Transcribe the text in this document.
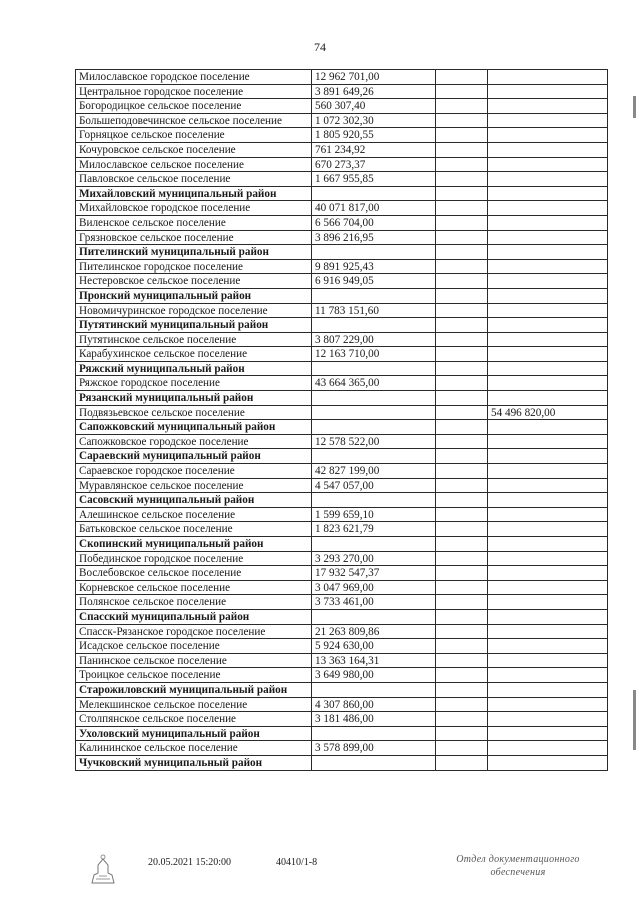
74
Милославское городское поселение	12 962 701,00		
Центральное городское поселение	3 891 649,26		
Богородицкое сельское поселение	560 307,40		
Большеподовечинское сельское поселение	1 072 302,30		
Горняцкое сельское поселение	1 805 920,55		
Кочуровское сельское поселение	761 234,92		
Милославское сельское поселение	670 273,37		
Павловское сельское поселение	1 667 955,85		
Михайловский муниципальный район			
Михайловское городское поселение	40 071 817,00		
Виленское сельское поселение	6 566 704,00		
Грязновское сельское поселение	3 896 216,95		
Пителинский муниципальный район			
Пителинское городское поселение	9 891 925,43		
Нестеровское сельское поселение	6 916 949,05		
Пронский муниципальный район			
Новомичуринское городское поселение	11 783 151,60		
Путятинский муниципальный район			
Путятинское сельское поселение	3 807 229,00		
Карабухинское сельское поселение	12 163 710,00		
Ряжский муниципальный район			
Ряжское городское поселение	43 664 365,00		
Рязанский муниципальный район			
Подвязьевское сельское поселение			54 496 820,00
Сапожковский муниципальный район			
Сапожковское городское поселение	12 578 522,00		
Сараевский муниципальный район			
Сараевское городское поселение	42 827 199,00		
Муравлянское сельское поселение	4 547 057,00		
Сасовский муниципальный район			
Алешинское сельское поселение	1 599 659,10		
Батьковское сельское поселение	1 823 621,79		
Скопинский муниципальный район			
Побединское городское поселение	3 293 270,00		
Вослебовское сельское поселение	17 932 547,37		
Корневское сельское поселение	3 047 969,00		
Полянское сельское поселение	3 733 461,00		
Спасский муниципальный район			
Спасск-Рязанское городское поселение	21 263 809,86		
Исадское сельское поселение	5 924 630,00		
Панинское сельское поселение	13 363 164,31		
Троицкое сельское поселение	3 649 980,00		
Старожиловский муниципальный район			
Мелекшинское сельское поселение	4 307 860,00		
Столпянское сельское поселение	3 181 486,00		
Ухоловский муниципальный район			
Калининское сельское поселение	3 578 899,00		
Чучковский муниципальный район			
20.05.2021 15:20:00	40410/1-8	Отдел документационного
обеспечения
